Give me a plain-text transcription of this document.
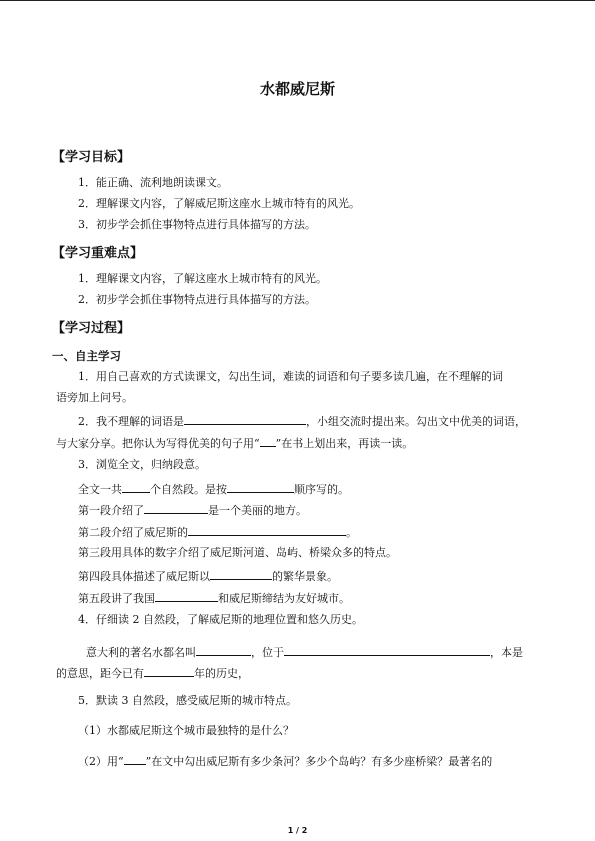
水都威尼斯
【学习目标】
1．能正确、流利地朗读课文。
2．理解课文内容，了解威尼斯这座水上城市特有的风光。
3．初步学会抓住事物特点进行具体描写的方法。
【学习重难点】
1．理解课文内容，了解这座水上城市特有的风光。
2．初步学会抓住事物特点进行具体描写的方法。
【学习过程】
一、自主学习
1．用自己喜欢的方式读课文，勾出生词，难读的词语和句子要多读几遍，在不理解的词
语旁加上问号。
2．我不理解的词语是	，小组交流时提出来。勾出文中优美的词语，
与大家分享。把你认为写得优美的句子用“ ”在书上划出来，再读一读。
3．浏览全文，归纳段意。
全文一共	个自然段。是按	顺序写的。
第一段介绍了	是一个美丽的地方。
第二段介绍了威尼斯的	。
第三段用具体的数字介绍了威尼斯河道、岛屿、桥梁众多的特点。
第四段具体描述了威尼斯以	的繁华景象。
第五段讲了我国	和威尼斯缔结为友好城市。
4．仔细读 2 自然段，了解威尼斯的地理位置和悠久历史。
意大利的著名水都名叫	，位于	，本是
的意思，距今已有	年的历史，
5．默读 3 自然段，感受威尼斯的城市特点。
（1）水都威尼斯这个城市最独特的是什么？
（2）用“ ”在文中勾出威尼斯有多少条河？多少个岛屿？有多少座桥梁？最著名的
1 / 2
